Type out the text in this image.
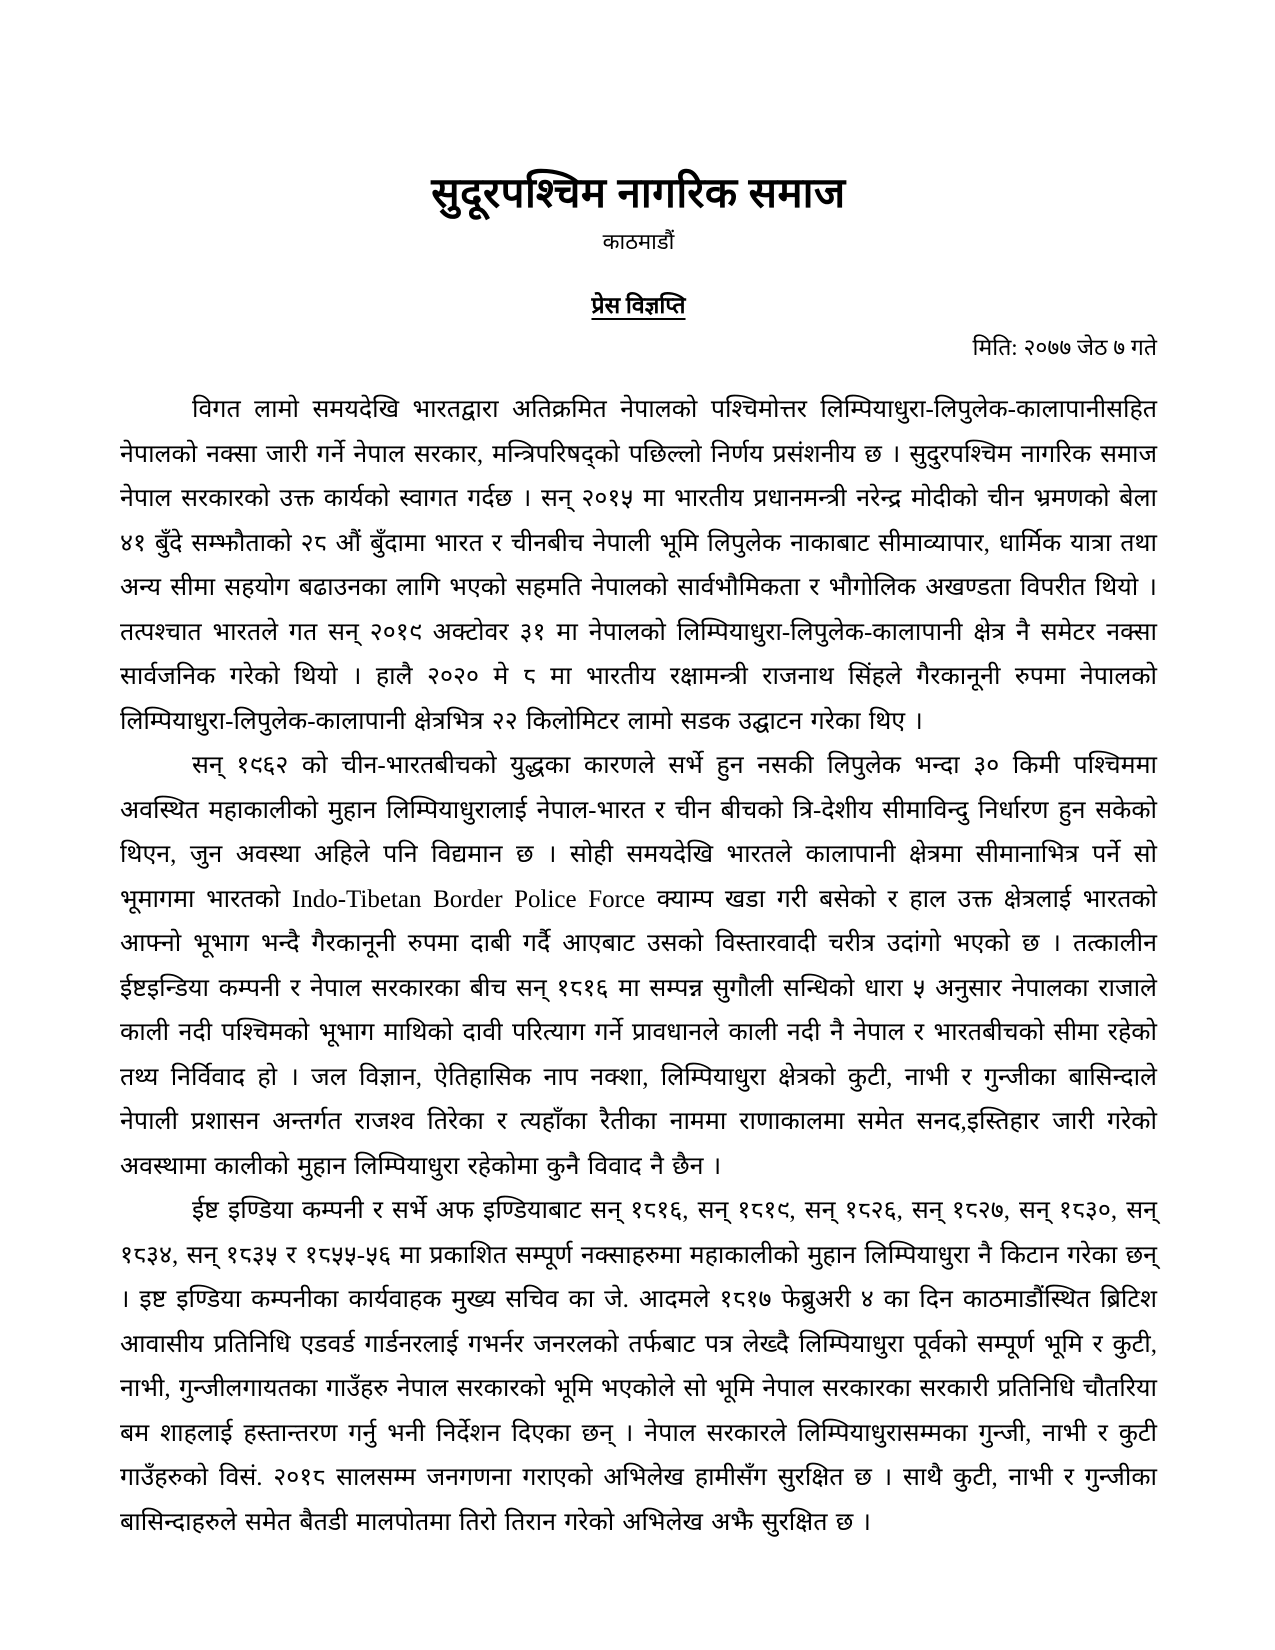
सुदूरपश्चिम नागरिक समाज
काठमाडौं
प्रेस विज्ञप्ति
मिति: २०७७ जेठ ७ गते

विगत लामो समयदेखि भारतद्वारा अतिक्रमित नेपालको पश्चिमोत्तर लिम्पियाधुरा-लिपुलेक-कालापानीसहित नेपालको नक्सा जारी गर्ने नेपाल सरकार, मन्त्रिपरिषद्को पछिल्लो निर्णय प्रसंशनीय छ । सुदुरपश्चिम नागरिक समाज नेपाल सरकारको उक्त कार्यको स्वागत गर्दछ । सन् २०१५ मा भारतीय प्रधानमन्त्री नरेन्द्र मोदीको चीन भ्रमणको बेला ४१ बुँदे सम्झौताको २८ औं बुँदामा भारत र चीनबीच नेपाली भूमि लिपुलेक नाकाबाट सीमाव्यापार, धार्मिक यात्रा तथा अन्य सीमा सहयोग बढाउनका लागि भएको सहमति नेपालको सार्वभौमिकता र भौगोलिक अखण्डता विपरीत थियो । तत्पश्चात भारतले गत सन् २०१९ अक्टोवर ३१ मा नेपालको लिम्पियाधुरा-लिपुलेक-कालापानी क्षेत्र नै समेटर नक्सा सार्वजनिक गरेको थियो । हालै २०२० मे ८ मा भारतीय रक्षामन्त्री राजनाथ सिंहले गैरकानूनी रुपमा नेपालको लिम्पियाधुरा-लिपुलेक-कालापानी क्षेत्रभित्र २२ किलोमिटर लामो सडक उद्घाटन गरेका थिए ।

सन् १९६२ को चीन-भारतबीचको युद्धका कारणले सर्भे हुन नसकी लिपुलेक भन्दा ३० किमी पश्चिममा अवस्थित महाकालीको मुहान लिम्पियाधुरालाई नेपाल-भारत र चीन बीचको त्रि-देशीय सीमाविन्दु निर्धारण हुन सकेको थिएन, जुन अवस्था अहिले पनि विद्यमान छ । सोही समयदेखि भारतले कालापानी क्षेत्रमा सीमानाभित्र पर्ने सो भूमागमा भारतको Indo-Tibetan Border Police Force क्याम्प खडा गरी बसेको र हाल उक्त क्षेत्रलाई भारतको आफ्नो भूभाग भन्दै गैरकानूनी रुपमा दाबी गर्दै आएबाट उसको विस्तारवादी चरीत्र उदांगो भएको छ । तत्कालीन ईष्टइन्डिया कम्पनी र नेपाल सरकारका बीच सन् १८१६ मा सम्पन्न सुगौली सन्धिको धारा ५ अनुसार नेपालका राजाले काली नदी पश्चिमको भूभाग माथिको दावी परित्याग गर्ने प्रावधानले काली नदी नै नेपाल र भारतबीचको सीमा रहेको तथ्य निर्विवाद हो । जल विज्ञान, ऐतिहासिक नाप नक्शा, लिम्पियाधुरा क्षेत्रको कुटी, नाभी र गुन्जीका बासिन्दाले नेपाली प्रशासन अन्तर्गत राजश्व तिरेका र त्यहाँका रैतीका नाममा राणाकालमा समेत सनद,इस्तिहार जारी गरेको अवस्थामा कालीको मुहान लिम्पियाधुरा रहेकोमा कुनै विवाद नै छैन ।

ईष्ट इण्डिया कम्पनी र सर्भे अफ इण्डियाबाट सन् १८१६, सन् १८१९, सन् १८२६, सन् १८२७, सन् १८३०, सन् १८३४, सन् १८३५ र १८५५-५६ मा प्रकाशित सम्पूर्ण नक्साहरुमा महाकालीको मुहान लिम्पियाधुरा नै किटान गरेका छन् । इष्ट इण्डिया कम्पनीका कार्यवाहक मुख्य सचिव का जे. आदमले १८१७ फेब्रुअरी ४ का दिन काठमाडौंस्थित ब्रिटिश आवासीय प्रतिनिधि एडवर्ड गार्डनरलाई गभर्नर जनरलको तर्फबाट पत्र लेख्दै लिम्पियाधुरा पूर्वको सम्पूर्ण भूमि र कुटी, नाभी, गुन्जीलगायतका गाउँहरु नेपाल सरकारको भूमि भएकोले सो भूमि नेपाल सरकारका सरकारी प्रतिनिधि चौतरिया बम शाहलाई हस्तान्तरण गर्नु भनी निर्देशन दिएका छन् । नेपाल सरकारले लिम्पियाधुरासम्मका गुन्जी, नाभी र कुटी गाउँहरुको विसं. २०१८ सालसम्म जनगणना गराएको अभिलेख हामीसँग सुरक्षित छ । साथै कुटी, नाभी र गुन्जीका बासिन्दाहरुले समेत बैतडी मालपोतमा तिरो तिरान गरेको अभिलेख अझै सुरक्षित छ ।
